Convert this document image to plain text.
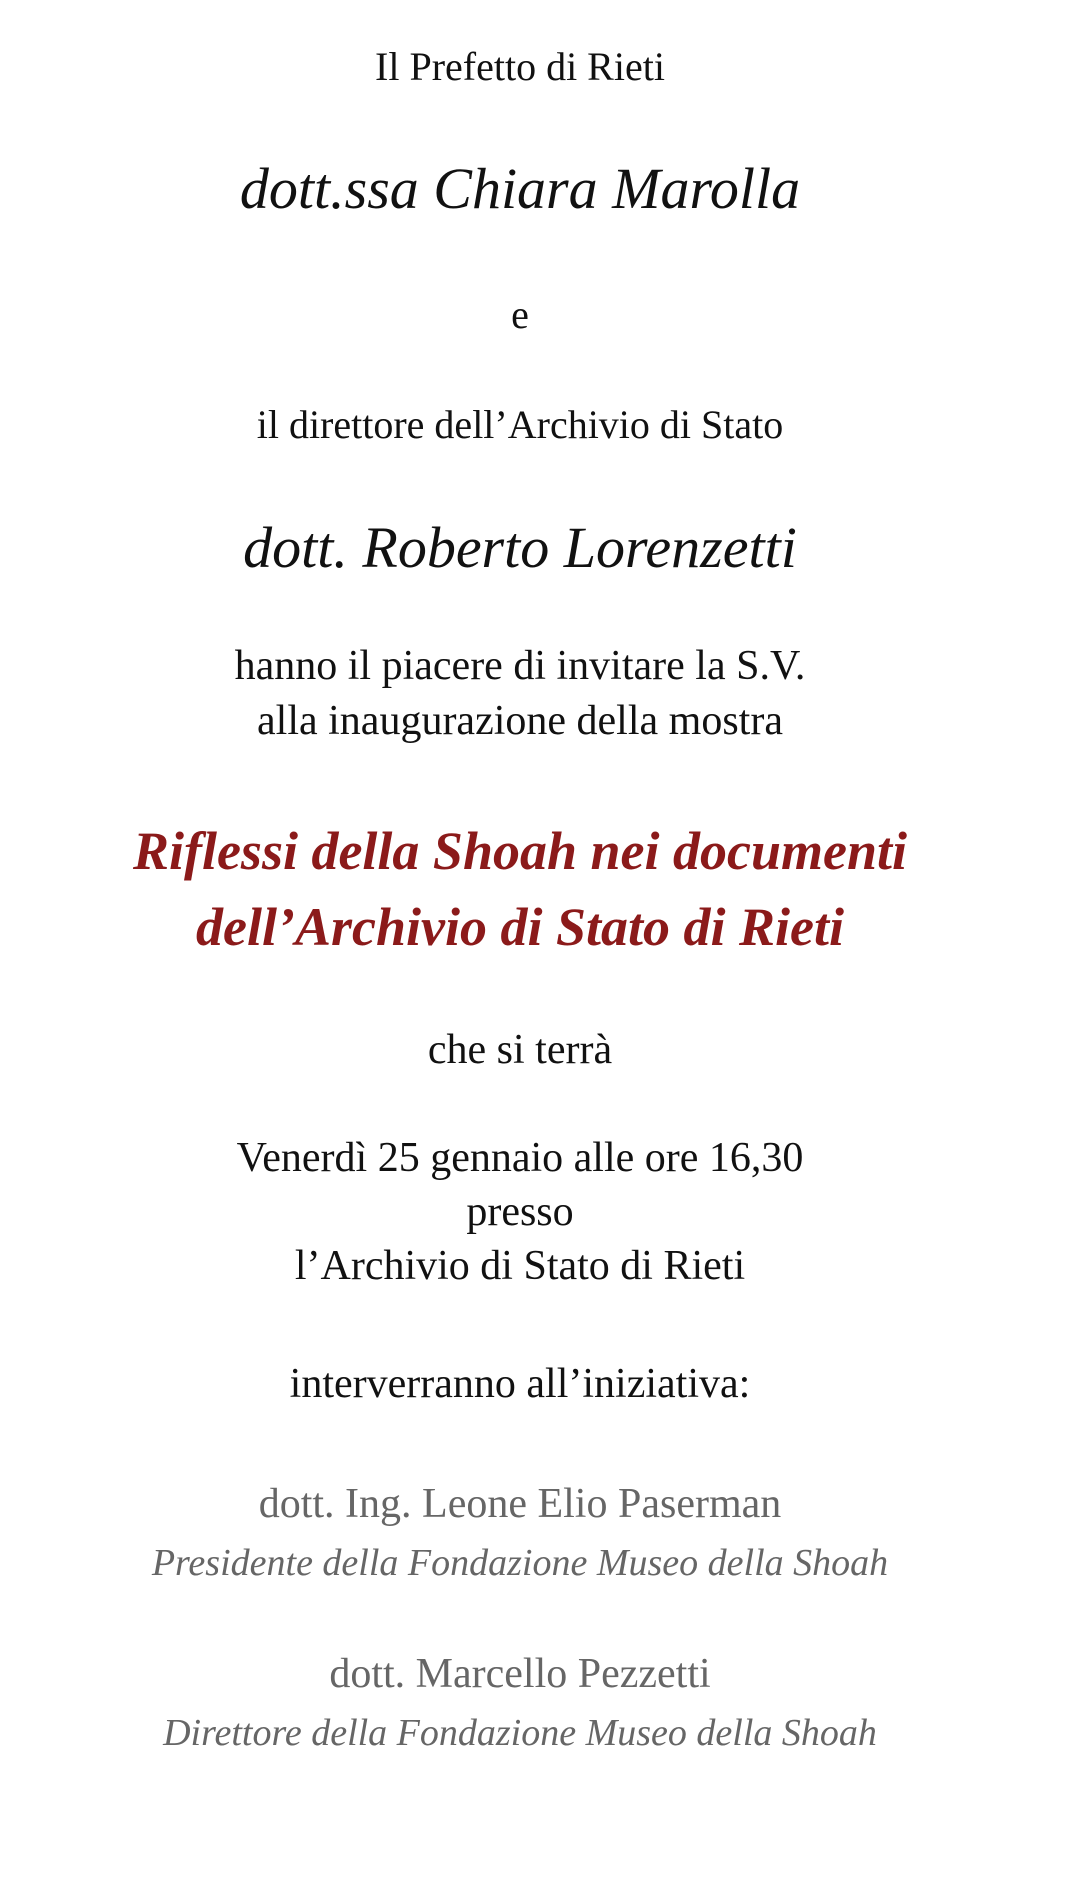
Il Prefetto di Rieti
dott.ssa Chiara Marolla
e
il direttore dell’Archivio di Stato
dott. Roberto Lorenzetti
hanno il piacere di invitare la S.V.
alla inaugurazione della mostra
Riflessi della Shoah nei documenti
dell’Archivio di Stato di Rieti
che si terrà
Venerdì 25 gennaio alle ore 16,30
presso
l’Archivio di Stato di Rieti
interverranno all’iniziativa:
dott. Ing. Leone Elio Paserman
Presidente della Fondazione Museo della Shoah
dott. Marcello Pezzetti
Direttore della Fondazione Museo della Shoah
